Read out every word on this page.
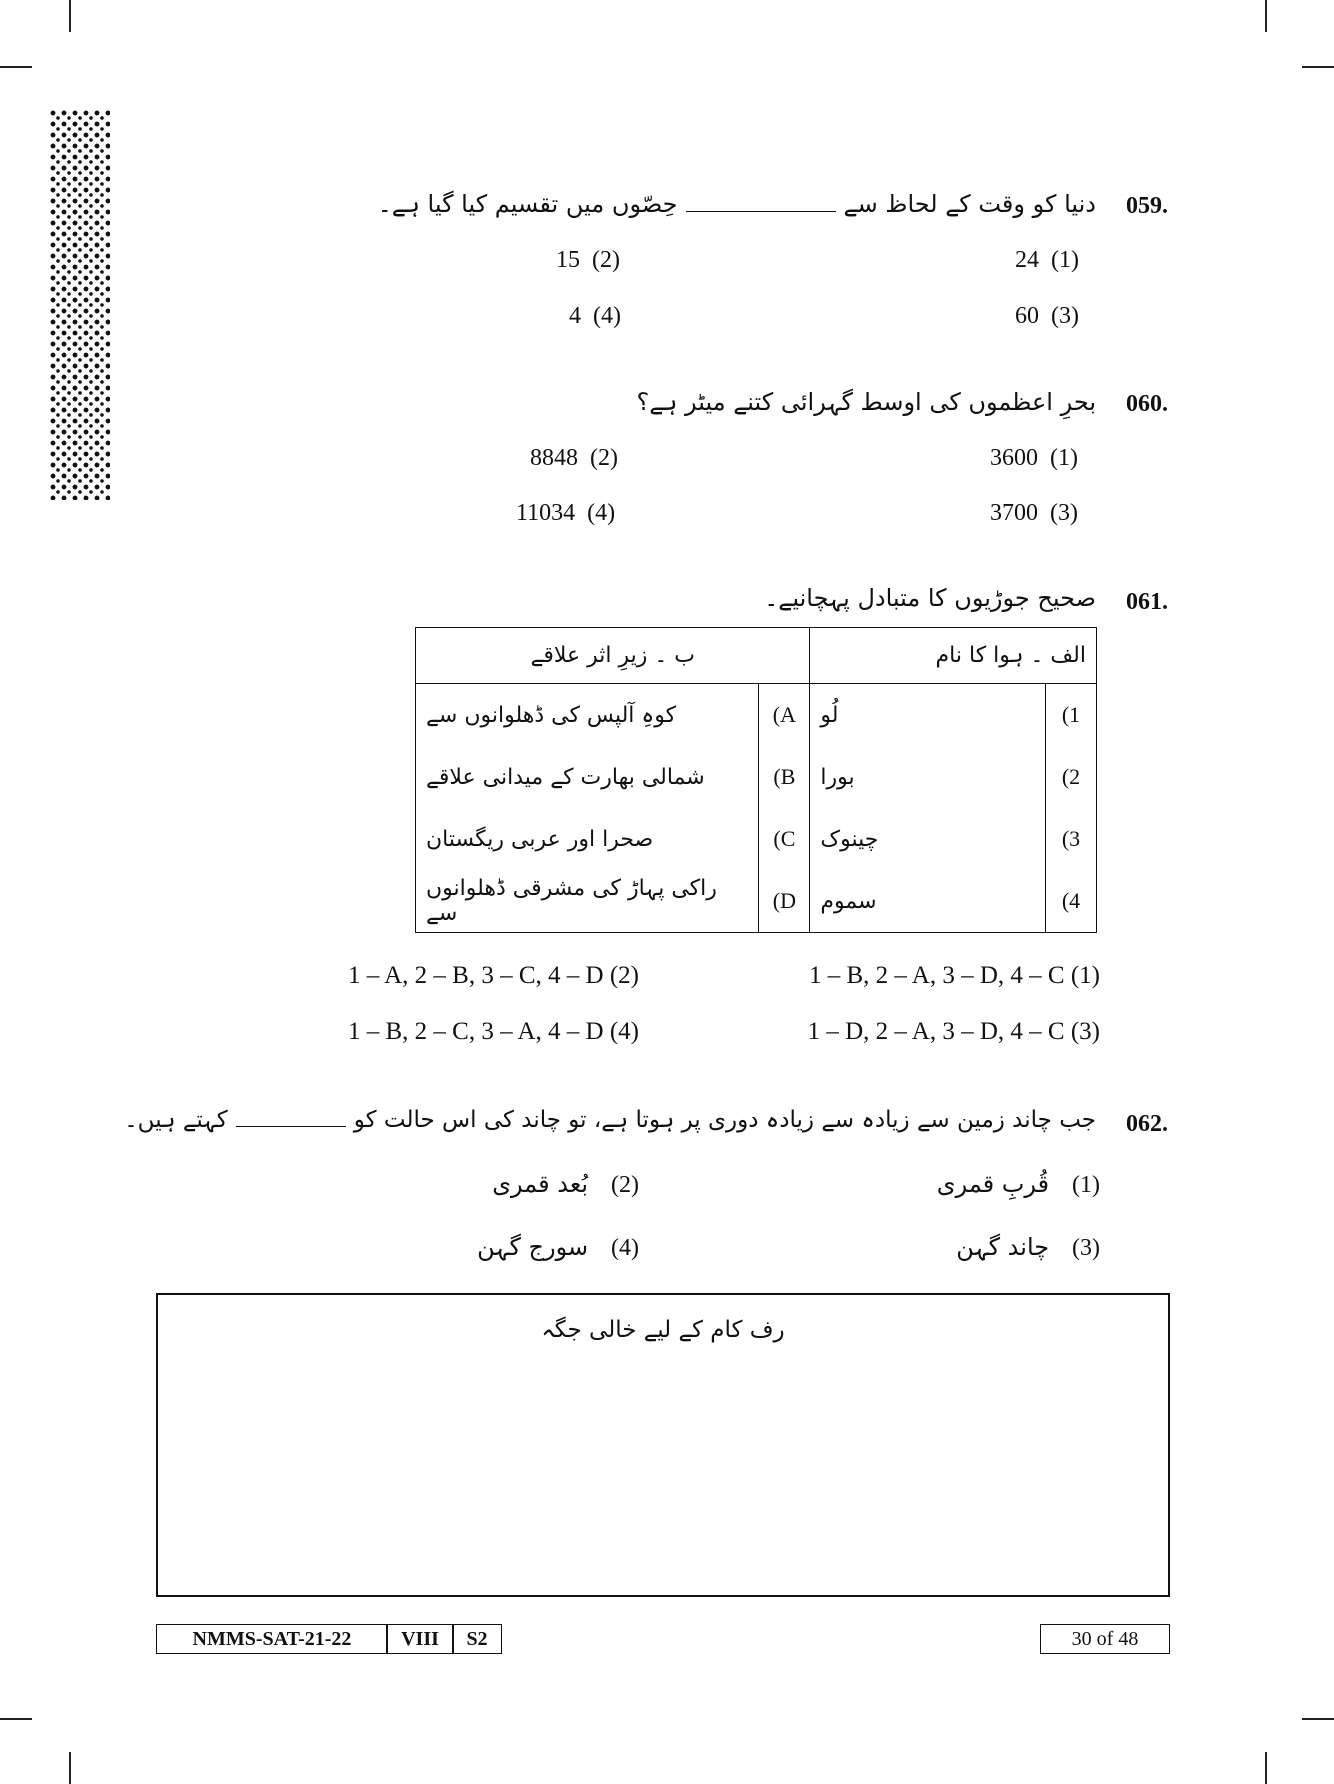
059.
دنیا کو وقت کے لحاظ سےحِصّوں میں تقسیم کیا گیا ہے۔
24 (1)
15 (2)
60 (3)
4 (4)
060.
بحرِ اعظموں کی اوسط گہرائی کتنے میٹر ہے؟
3600 (1)
8848 (2)
3700 (3)
11034 (4)
061.
صحیح جوڑیوں کا متبادل پہچانیے۔
الف ۔ ہوا کا نام		ب ۔ زیرِ اثر علاقے	
1)	لُو	A)	کوہِ آلپس کی ڈھلوانوں سے
2)	بورا	B)	شمالی بھارت کے میدانی علاقے
3)	چینوک	C)	صحرا اور عربی ریگستان
4)	سموم	D)	راکی پہاڑ کی مشرقی ڈھلوانوں سے
1 – B, 2 – A, 3 – D, 4 – C (1)
1 – A, 2 – B, 3 – C, 4 – D (2)
1 – D, 2 – A, 3 – D, 4 – C (3)
1 – B, 2 – C, 3 – A, 4 – D (4)
062.
جب چاند زمین سے زیادہ سے زیادہ دوری پر ہوتا ہے، تو چاند کی اس حالت کوکہتے ہیں۔
(1)   قُربِ قمری
(2)   بُعد قمری
(3)   چاند گہن
(4)   سورج گہن
رف کام کے لیے خالی جگہ
NMMS-SAT-21-22	VIII	S2	30 of 48
